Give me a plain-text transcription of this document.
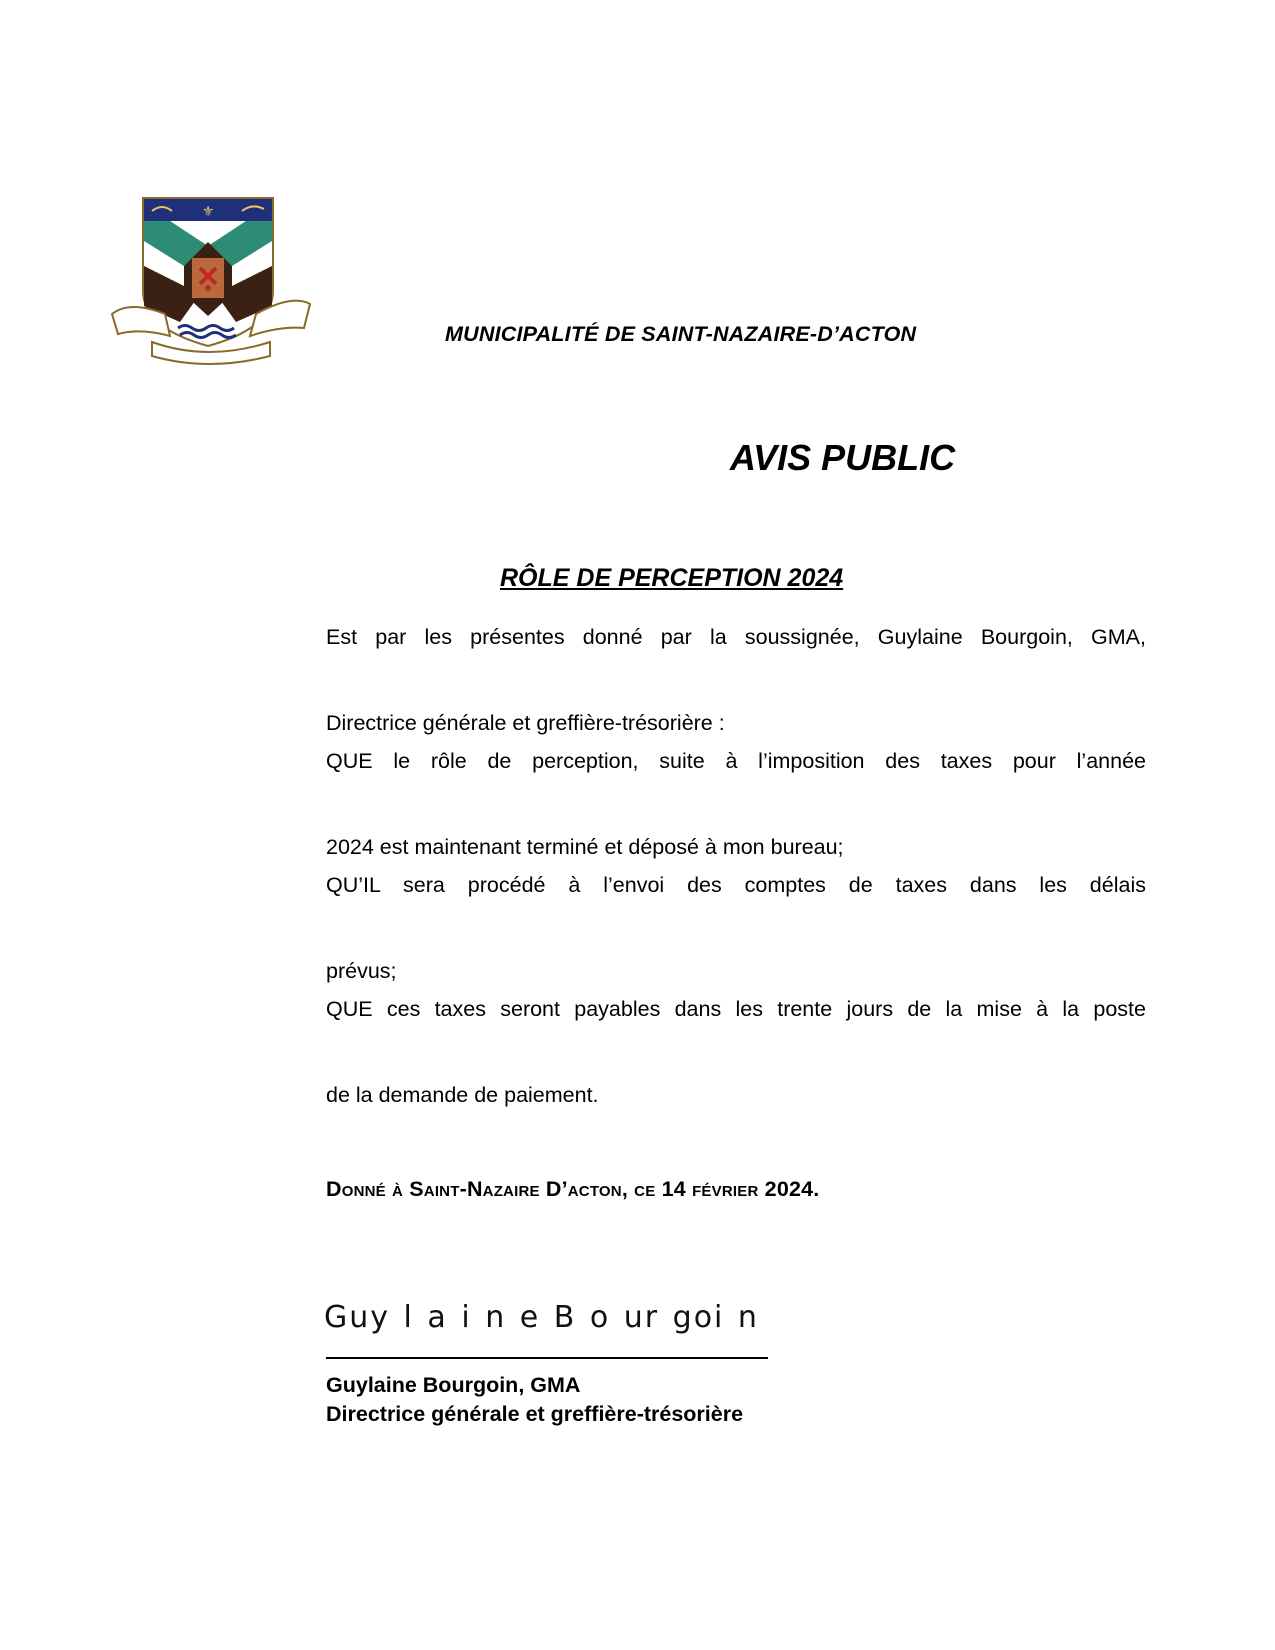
⚜
MUNICIPALITÉ DE SAINT-NAZAIRE-D’ACTON
AVIS PUBLIC
RÔLE DE PERCEPTION 2024
Est par les présentes donné par la soussignée, Guylaine Bourgoin, GMA,
Directrice générale et greffière-trésorière :
QUE le rôle de perception, suite à l’imposition des taxes pour l’année
2024 est maintenant terminé et déposé à mon bureau;
QU’IL sera procédé à l’envoi des comptes de taxes dans les délais
prévus;
QUE ces taxes seront payables dans les trente jours de la mise à la poste
de la demande de paiement.
Donné à Saint-Nazaire D’acton, ce 14 février 2024.
Guy l a i n e B o ur goi n
Guylaine Bourgoin, GMA
Directrice générale et greffière-trésorière
